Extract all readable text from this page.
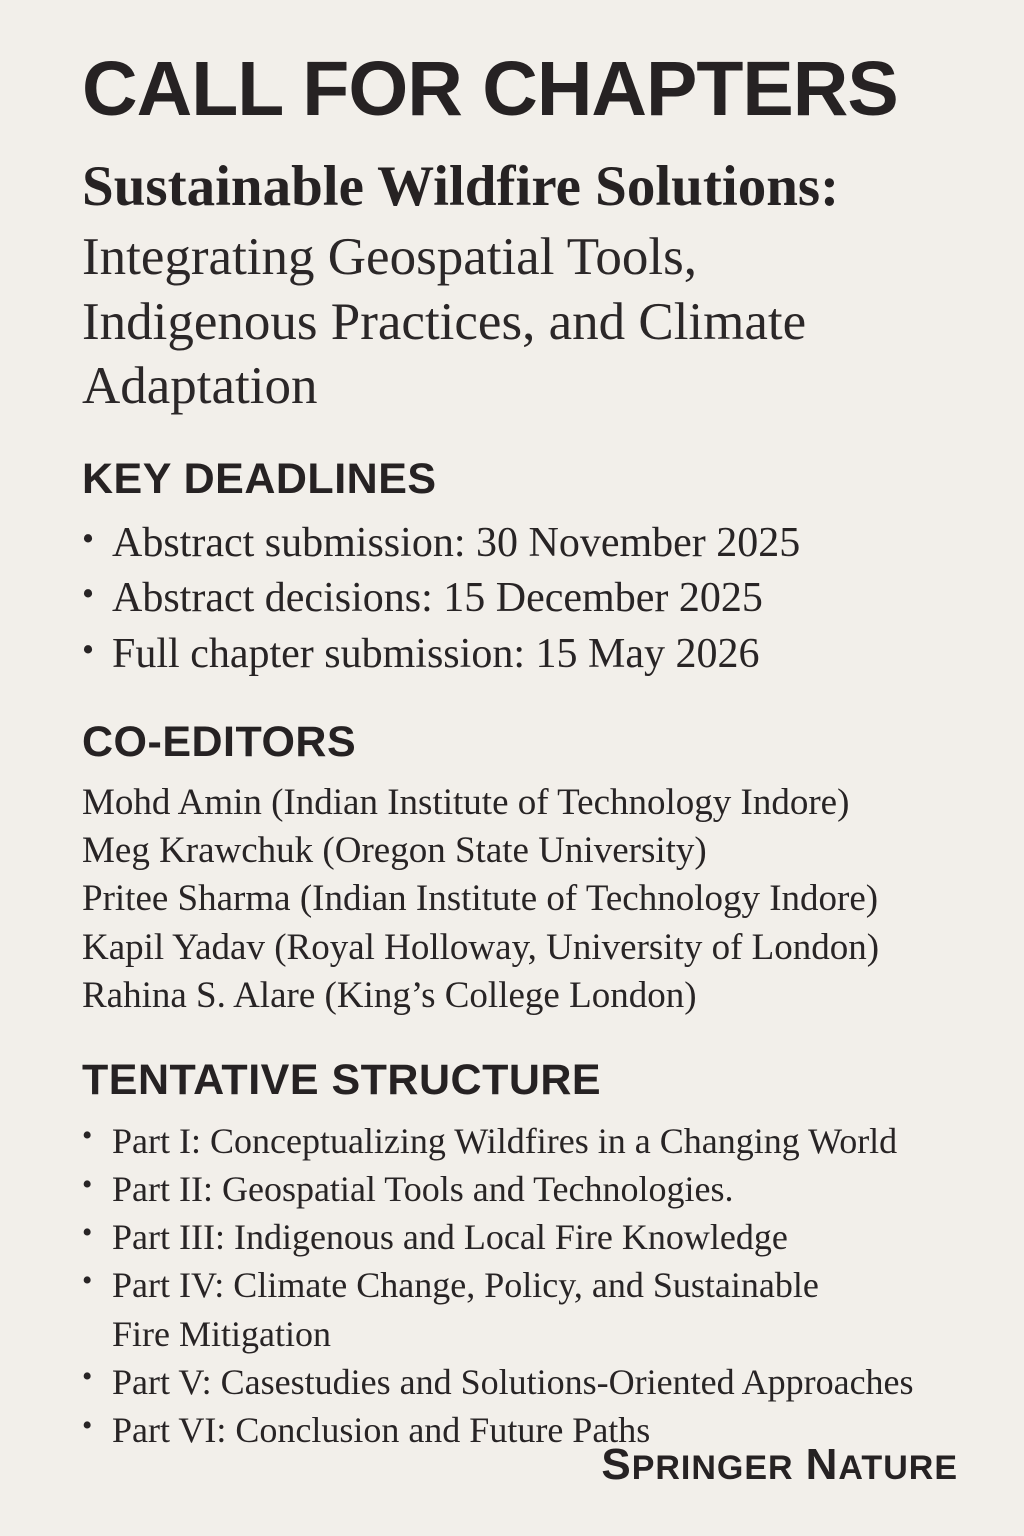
CALL FOR CHAPTERS
Sustainable Wildfire Solutions:
Integrating Geospatial Tools,
Indigenous Practices, and Climate
Adaptation
KEY DEADLINES
• Abstract submission: 30 November 2025
• Abstract decisions: 15 December 2025
• Full chapter submission: 15 May 2026
CO-EDITORS
Mohd Amin (Indian Institute of Technology Indore)
Meg Krawchuk (Oregon State University)
Pritee Sharma (Indian Institute of Technology Indore)
Kapil Yadav (Royal Holloway, University of London)
Rahina S. Alare (King’s College London)
TENTATIVE STRUCTURE
• Part I: Conceptualizing Wildfires in a Changing World
• Part II: Geospatial Tools and Technologies.
• Part III: Indigenous and Local Fire Knowledge
• Part IV: Climate Change, Policy, and Sustainable
Fire Mitigation
• Part V: Casestudies and Solutions-Oriented Approaches
• Part VI: Conclusion and Future Paths
SPRINGER NATURE
